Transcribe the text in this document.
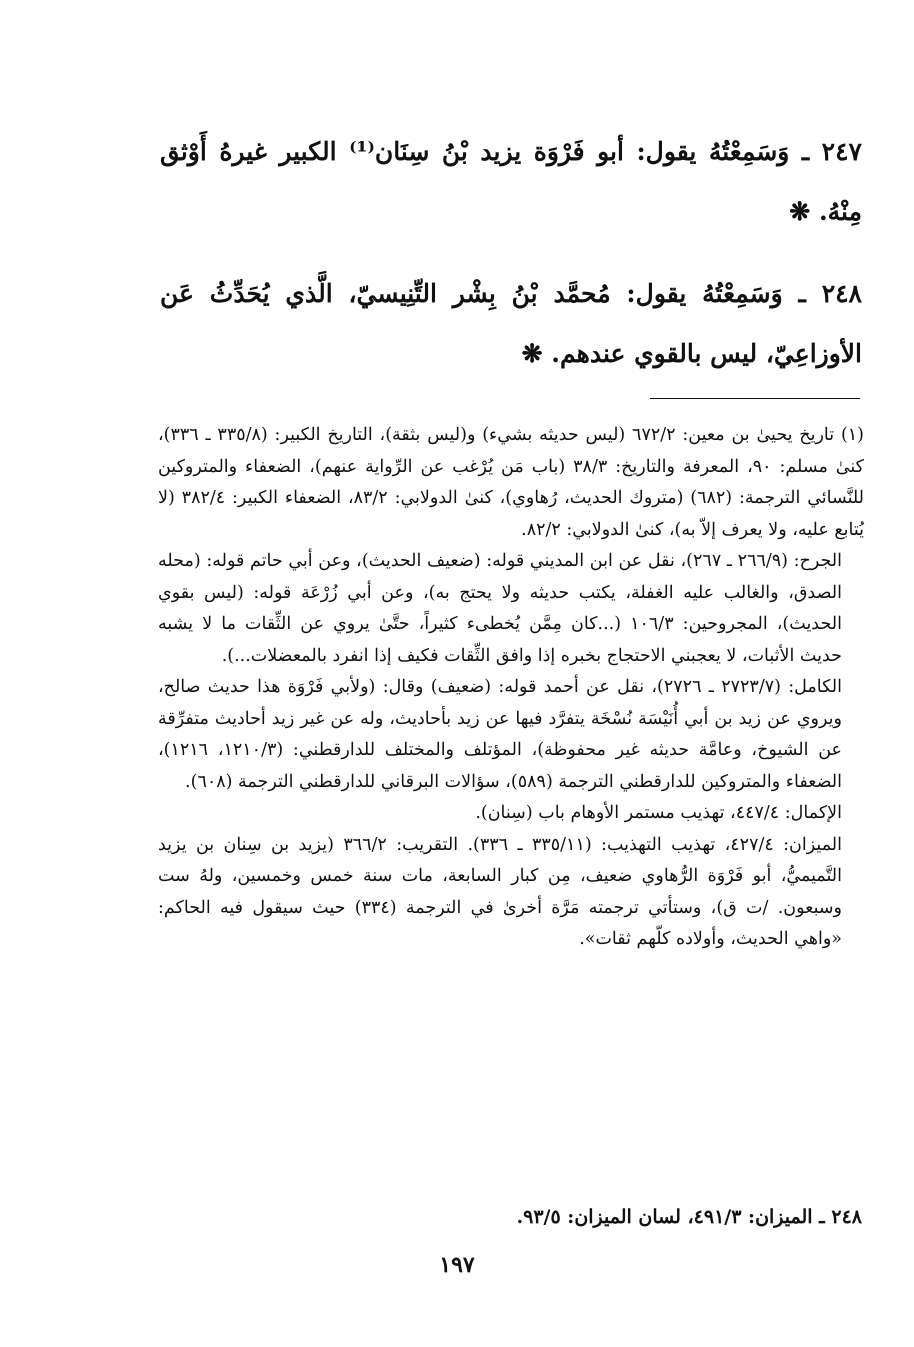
٢٤٧ ـ وَسَمِعْتُهُ يقول: أبو فَرْوَة يزيد بْنُ سِنَان⁽¹⁾ الكبير غيرهُ أَوْثق مِنْهُ. ❋
٢٤٨ ـ وَسَمِعْتُهُ يقول: مُحمَّد بْنُ بِشْر التِّنِيسيّ، الَّذي يُحَدِّثُ عَن الأوزاعِيّ، ليس بالقوي عندهم. ❋

(١) تاريخ يحيىٰ بن معين: ٦٧٢/٢ (ليس حديثه بشيء) و(ليس بثقة)، التاريخ الكبير: (٣٣٥/٨ ـ ٣٣٦)، كنىٰ مسلم: ٩٠، المعرفة والتاريخ: ٣٨/٣ (باب مَن يُرْغب عن الرِّواية عنهم)، الضعفاء والمتروكين للنَّسائي الترجمة: (٦٨٢) (متروك الحديث، رُهاوي)، كنىٰ الدولابي: ٨٣/٢، الضعفاء الكبير: ٣٨٢/٤ (لا يُتابع عليه، ولا يعرف إلاّ به)، كنىٰ الدولابي: ٨٢/٢.

الجرح: (٢٦٦/٩ ـ ٢٦٧)، نقل عن ابن المديني قوله: (ضعيف الحديث)، وعن أبي حاتم قوله: (محله الصدق، والغالب عليه الغفلة، يكتب حديثه ولا يحتج به)، وعن أبي زُرْعَة قوله: (ليس بقوي الحديث)، المجروحين: ١٠٦/٣ (...كان مِمَّن يُخطىء كثيراً، حتَّىٰ يروي عن الثِّقات ما لا يشبه حديث الأثبات، لا يعجبني الاحتجاج بخبره إذا وافق الثِّقات فكيف إذا انفرد بالمعضلات...).

الكامل: (٢٧٢٣/٧ ـ ٢٧٢٦)، نقل عن أحمد قوله: (ضعيف) وقال: (ولأبي فَرْوَة هذا حديث صالح، ويروي عن زيد بن أبي أُنَيْسَة نُسْخَة يتفرَّد فيها عن زيد بأحاديث، وله عن غير زيد أحاديث متفرِّقة عن الشيوخ، وعامَّة حديثه غير محفوظة)، المؤتلف والمختلف للدارقطني: (١٢١٠/٣، ١٢١٦)، الضعفاء والمتروكين للدارقطني الترجمة (٥٨٩)، سؤالات البرقاني للدارقطني الترجمة (٦٠٨).

الإكمال: ٤٤٧/٤، تهذيب مستمر الأوهام باب (سِنان).

الميزان: ٤٢٧/٤، تهذيب التهذيب: (٣٣٥/١١ ـ ٣٣٦). التقريب: ٣٦٦/٢ (يزيد بن سِنان بن يزيد التَّميميُّ، أبو فَرْوَة الرُّهاوي ضعيف، مِن كبار السابعة، مات سنة خمس وخمسين، ولهُ ست وسبعون. /ت ق)، وستأتي ترجمته مَرَّة أخرىٰ في الترجمة (٣٣٤) حيث سيقول فيه الحاكم: «واهي الحديث، وأولاده كلّهم ثقات».

٢٤٨ ـ الميزان: ٤٩١/٣، لسان الميزان: ٩٣/٥.
١٩٧
